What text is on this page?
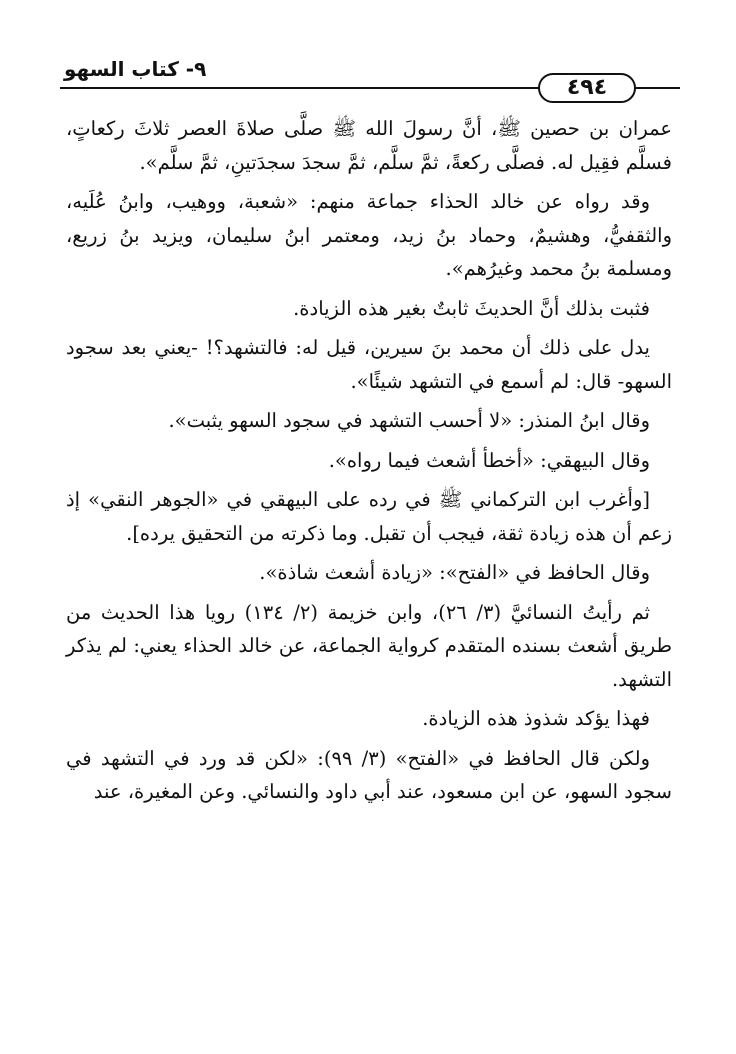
٩- كتاب السهو
٤٩٤

عمران بن حصين ﷺ، أنَّ رسولَ الله ﷺ صلَّى صلاةَ العصر ثلاثَ ركعاتٍ، فسلَّم فقِيل له. فصلَّى ركعةً، ثمَّ سلَّم، ثمَّ سجدَ سجدَتينِ، ثمَّ سلَّم».

وقد رواه عن خالد الحذاء جماعة منهم: «شعبة، ووهيب، وابنُ عُلَيه، والثقفيُّ، وهشيمٌ، وحماد بنُ زيد، ومعتمر ابنُ سليمان، ويزيد بنُ زريع، ومسلمة بنُ محمد وغيرُهم».

فثبت بذلك أنَّ الحديثَ ثابتٌ بغير هذه الزيادة.

يدل على ذلك أن محمد بنَ سيرين، قيل له: فالتشهد؟! -يعني بعد سجود السهو- قال: لم أسمع في التشهد شيئًا».

وقال ابنُ المنذر: «لا أحسب التشهد في سجود السهو يثبت».

وقال البيهقي: «أخطأ أشعث فيما رواه».

[وأغرب ابن التركماني ﷺ في رده على البيهقي في «الجوهر النقي» إذ زعم أن هذه زيادة ثقة، فيجب أن تقبل. وما ذكرته من التحقيق يرده].

وقال الحافظ في «الفتح»: «زيادة أشعث شاذة».

ثم رأيتُ النسائيَّ (٣/ ٢٦)، وابن خزيمة (٢/ ١٣٤) رويا هذا الحديث من طريق أشعث بسنده المتقدم كرواية الجماعة، عن خالد الحذاء يعني: لم يذكر التشهد.

فهذا يؤكد شذوذ هذه الزيادة.

ولكن قال الحافظ في «الفتح» (٣/ ٩٩): «لكن قد ورد في التشهد في سجود السهو، عن ابن مسعود، عند أبي داود والنسائي. وعن المغيرة، عند
